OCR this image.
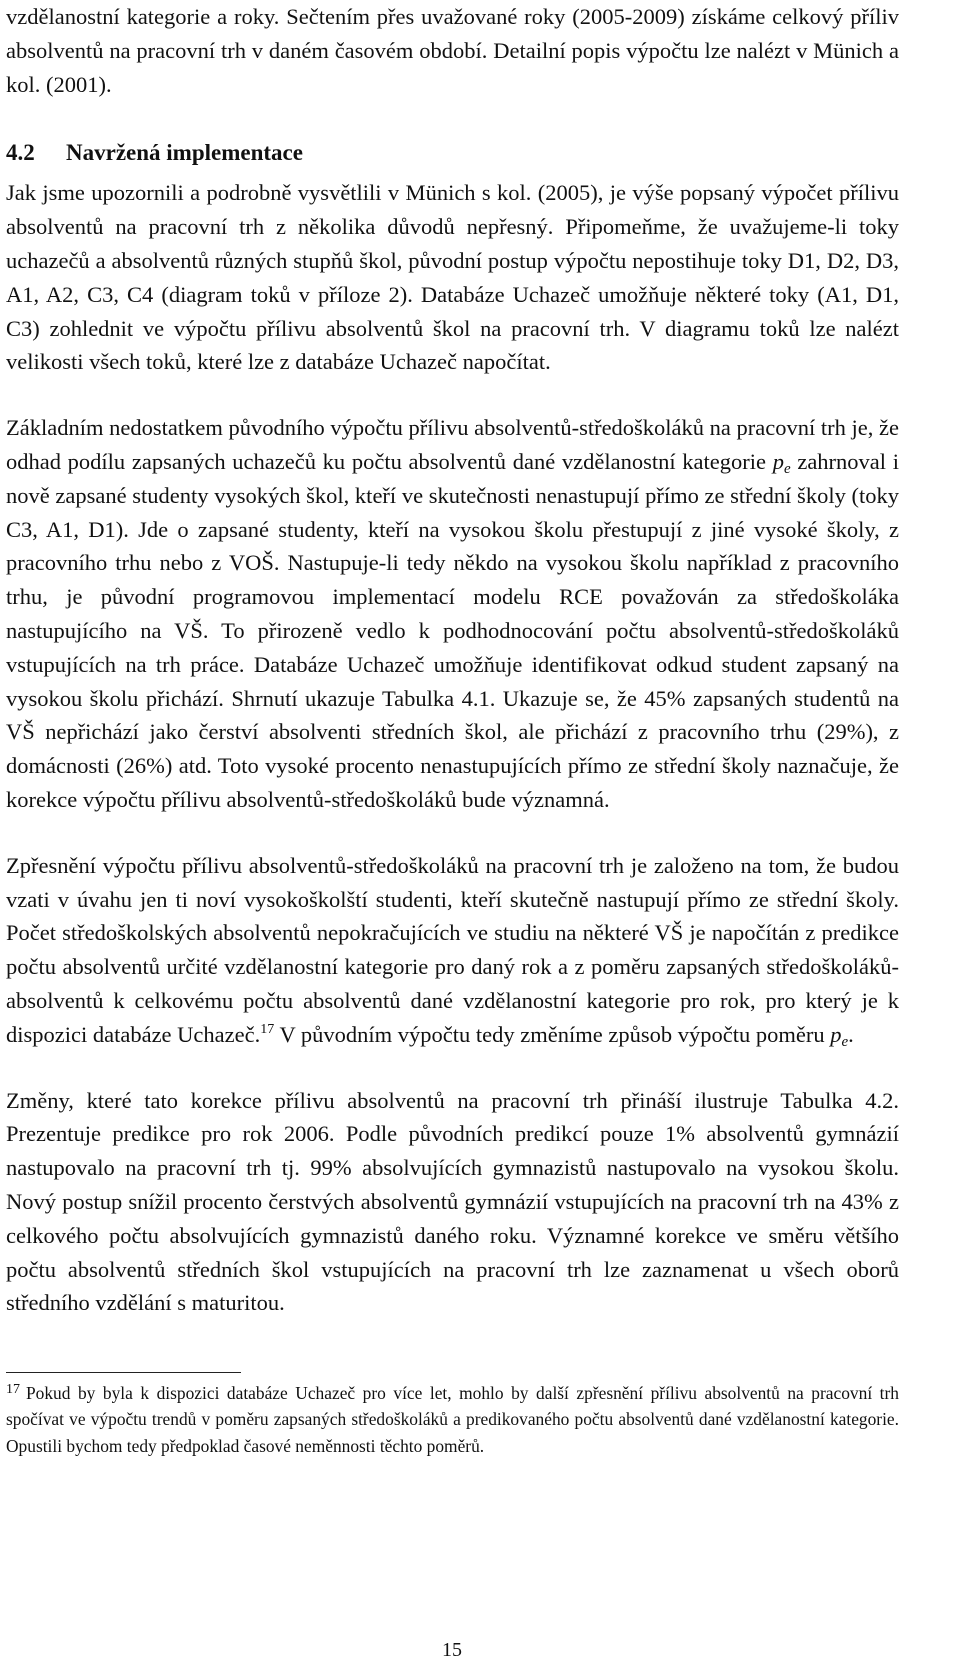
vzdělanostní kategorie a roky. Sečtením přes uvažované roky (2005-2009) získáme celkový příliv absolventů na pracovní trh v daném časovém období. Detailní popis výpočtu lze nalézt v Münich a kol. (2001).

4.2 Navržená implementace

Jak jsme upozornili a podrobně vysvětlili v Münich s kol. (2005), je výše popsaný výpočet přílivu absolventů na pracovní trh z několika důvodů nepřesný. Připomeňme, že uvažujeme-li toky uchazečů a absolventů různých stupňů škol, původní postup výpočtu nepostihuje toky D1, D2, D3, A1, A2, C3, C4 (diagram toků v příloze 2). Databáze Uchazeč umožňuje některé toky (A1, D1, C3) zohlednit ve výpočtu přílivu absolventů škol na pracovní trh. V diagramu toků lze nalézt velikosti všech toků, které lze z databáze Uchazeč napočítat.

Základním nedostatkem původního výpočtu přílivu absolventů-středoškoláků na pracovní trh je, že odhad podílu zapsaných uchazečů ku počtu absolventů dané vzdělanostní kategorie $p_e$ zahrnoval i nově zapsané studenty vysokých škol, kteří ve skutečnosti nenastupují přímo ze střední školy (toky C3, A1, D1). Jde o zapsané studenty, kteří na vysokou školu přestupují z jiné vysoké školy, z pracovního trhu nebo z VOŠ. Nastupuje-li tedy někdo na vysokou školu například z pracovního trhu, je původní programovou implementací modelu RCE považován za středoškoláka nastupujícího na VŠ. To přirozeně vedlo k podhodnocování počtu absolventů-středoškoláků vstupujících na trh práce. Databáze Uchazeč umožňuje identifikovat odkud student zapsaný na vysokou školu přichází. Shrnutí ukazuje Tabulka 4.1. Ukazuje se, že 45% zapsaných studentů na VŠ nepřichází jako čerství absolventi středních škol, ale přichází z pracovního trhu (29%), z domácnosti (26%) atd. Toto vysoké procento nenastupujících přímo ze střední školy naznačuje, že korekce výpočtu přílivu absolventů-středoškoláků bude významná.

Zpřesnění výpočtu přílivu absolventů-středoškoláků na pracovní trh je založeno na tom, že budou vzati v úvahu jen ti noví vysokoškolští studenti, kteří skutečně nastupují přímo ze střední školy. Počet středoškolských absolventů nepokračujících ve studiu na některé VŠ je napočítán z predikce počtu absolventů určité vzdělanostní kategorie pro daný rok a z poměru zapsaných středoškoláků-absolventů k celkovému počtu absolventů dané vzdělanostní kategorie pro rok, pro který je k dispozici databáze Uchazeč.$^{17}$ V původním výpočtu tedy změníme způsob výpočtu poměru $p_e$.

Změny, které tato korekce přílivu absolventů na pracovní trh přináší ilustruje Tabulka 4.2. Prezentuje predikce pro rok 2006. Podle původních predikcí pouze 1% absolventů gymnázií nastupovalo na pracovní trh tj. 99% absolvujících gymnazistů nastupovalo na vysokou školu. Nový postup snížil procento čerstvých absolventů gymnázií vstupujících na pracovní trh na 43% z celkového počtu absolvujících gymnazistů daného roku. Významné korekce ve směru většího počtu absolventů středních škol vstupujících na pracovní trh lze zaznamenat u všech oborů středního vzdělání s maturitou.

$^{17}$ Pokud by byla k dispozici databáze Uchazeč pro více let, mohlo by další zpřesnění přílivu absolventů na pracovní trh spočívat ve výpočtu trendů v poměru zapsaných středoškoláků a predikovaného počtu absolventů dané vzdělanostní kategorie. Opustili bychom tedy předpoklad časové neměnnosti těchto poměrů.

15
